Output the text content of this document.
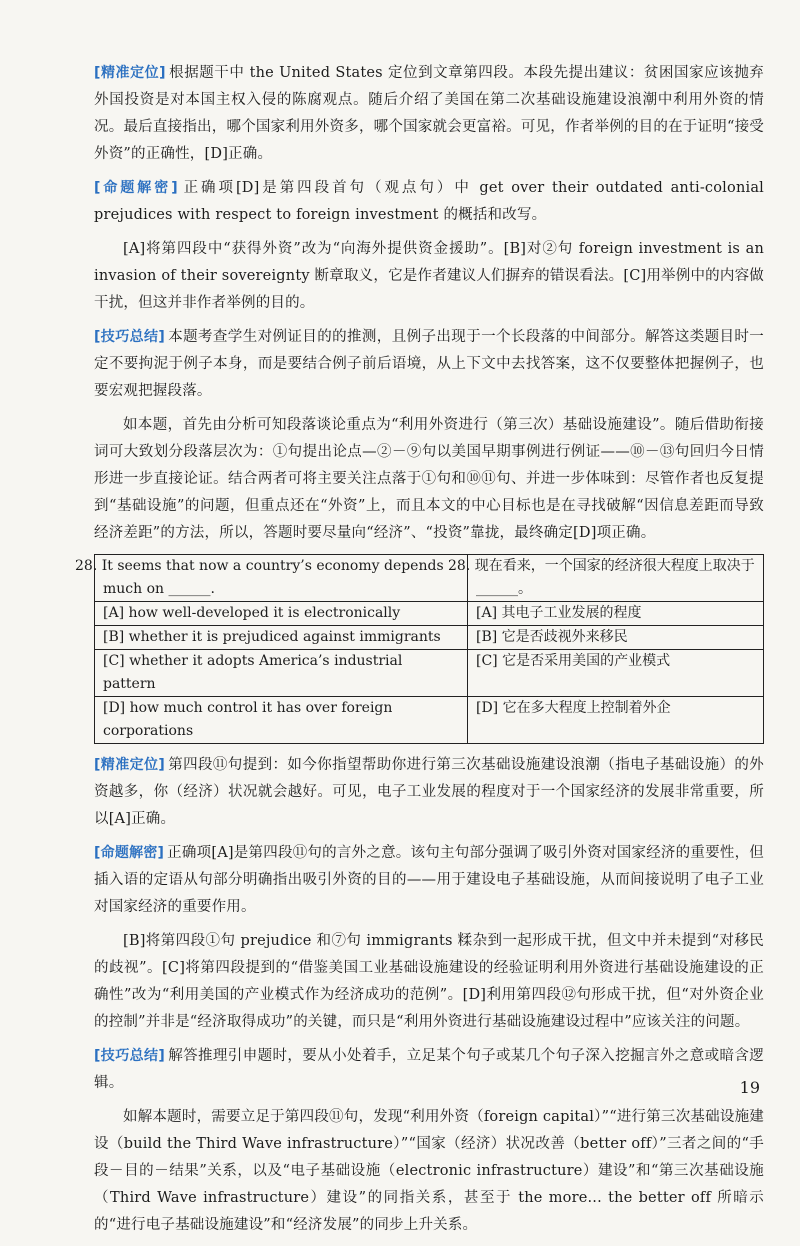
[精准定位] 根据题干中 the United States 定位到文章第四段。本段先提出建议：贫困国家应该抛弃外国投资是对本国主权入侵的陈腐观点。随后介绍了美国在第二次基础设施建设浪潮中利用外资的情况。最后直接指出，哪个国家利用外资多，哪个国家就会更富裕。可见，作者举例的目的在于证明“接受外资”的正确性，[D]正确。

[命题解密] 正确项[D]是第四段首句（观点句）中 get over their outdated anti-colonial prejudices with respect to foreign investment 的概括和改写。

[A]将第四段中“获得外资”改为“向海外提供资金援助”。[B]对②句 foreign investment is an invasion of their sovereignty 断章取义，它是作者建议人们摒弃的错误看法。[C]用举例中的内容做干扰，但这并非作者举例的目的。

[技巧总结] 本题考查学生对例证目的的推测，且例子出现于一个长段落的中间部分。解答这类题目时一定不要拘泥于例子本身，而是要结合例子前后语境，从上下文中去找答案，这不仅要整体把握例子，也要宏观把握段落。

如本题，首先由分析可知段落谈论重点为“利用外资进行（第三次）基础设施建设”。随后借助衔接词可大致划分段落层次为：①句提出论点—②－⑨句以美国早期事例进行例证——⑩－⑬句回归今日情形进一步直接论证。结合两者可将主要关注点落于①句和⑩⑪句、并进一步体味到：尽管作者也反复提到“基础设施”的问题，但重点还在“外资”上，而且本文的中心目标也是在寻找破解“因信息差距而导致经济差距”的方法，所以，答题时要尽量向“经济”、“投资”靠拢，最终确定[D]项正确。

28. It seems that now a country’s economy depends much on ______.	28. 现在看来，一个国家的经济很大程度上取决于______。
[A] how well-developed it is electronically	[A] 其电子工业发展的程度
[B] whether it is prejudiced against immigrants	[B] 它是否歧视外来移民
[C] whether it adopts America’s industrial pattern	[C] 它是否采用美国的产业模式
[D] how much control it has over foreign corporations	[D] 它在多大程度上控制着外企

[精准定位] 第四段⑪句提到：如今你指望帮助你进行第三次基础设施建设浪潮（指电子基础设施）的外资越多，你（经济）状况就会越好。可见，电子工业发展的程度对于一个国家经济的发展非常重要，所以[A]正确。

[命题解密] 正确项[A]是第四段⑪句的言外之意。该句主句部分强调了吸引外资对国家经济的重要性，但插入语的定语从句部分明确指出吸引外资的目的——用于建设电子基础设施，从而间接说明了电子工业对国家经济的重要作用。

[B]将第四段①句 prejudice 和⑦句 immigrants 糅杂到一起形成干扰，但文中并未提到“对移民的歧视”。[C]将第四段提到的“借鉴美国工业基础设施建设的经验证明利用外资进行基础设施建设的正确性”改为“利用美国的产业模式作为经济成功的范例”。[D]利用第四段⑫句形成干扰，但“对外资企业的控制”并非是“经济取得成功”的关键，而只是“利用外资进行基础设施建设过程中”应该关注的问题。

[技巧总结] 解答推理引申题时，要从小处着手，立足某个句子或某几个句子深入挖掘言外之意或暗含逻辑。

如解本题时，需要立足于第四段⑪句，发现“利用外资（foreign capital）”“进行第三次基础设施建设（build the Third Wave infrastructure）”“国家（经济）状况改善（better off）”三者之间的“手段－目的－结果”关系，以及“电子基础设施（electronic infrastructure）建设”和“第三次基础设施（Third Wave infrastructure）建设”的同指关系，甚至于 the more... the better off 所暗示的“进行电子基础设施建设”和“经济发展”的同步上升关系。

19
